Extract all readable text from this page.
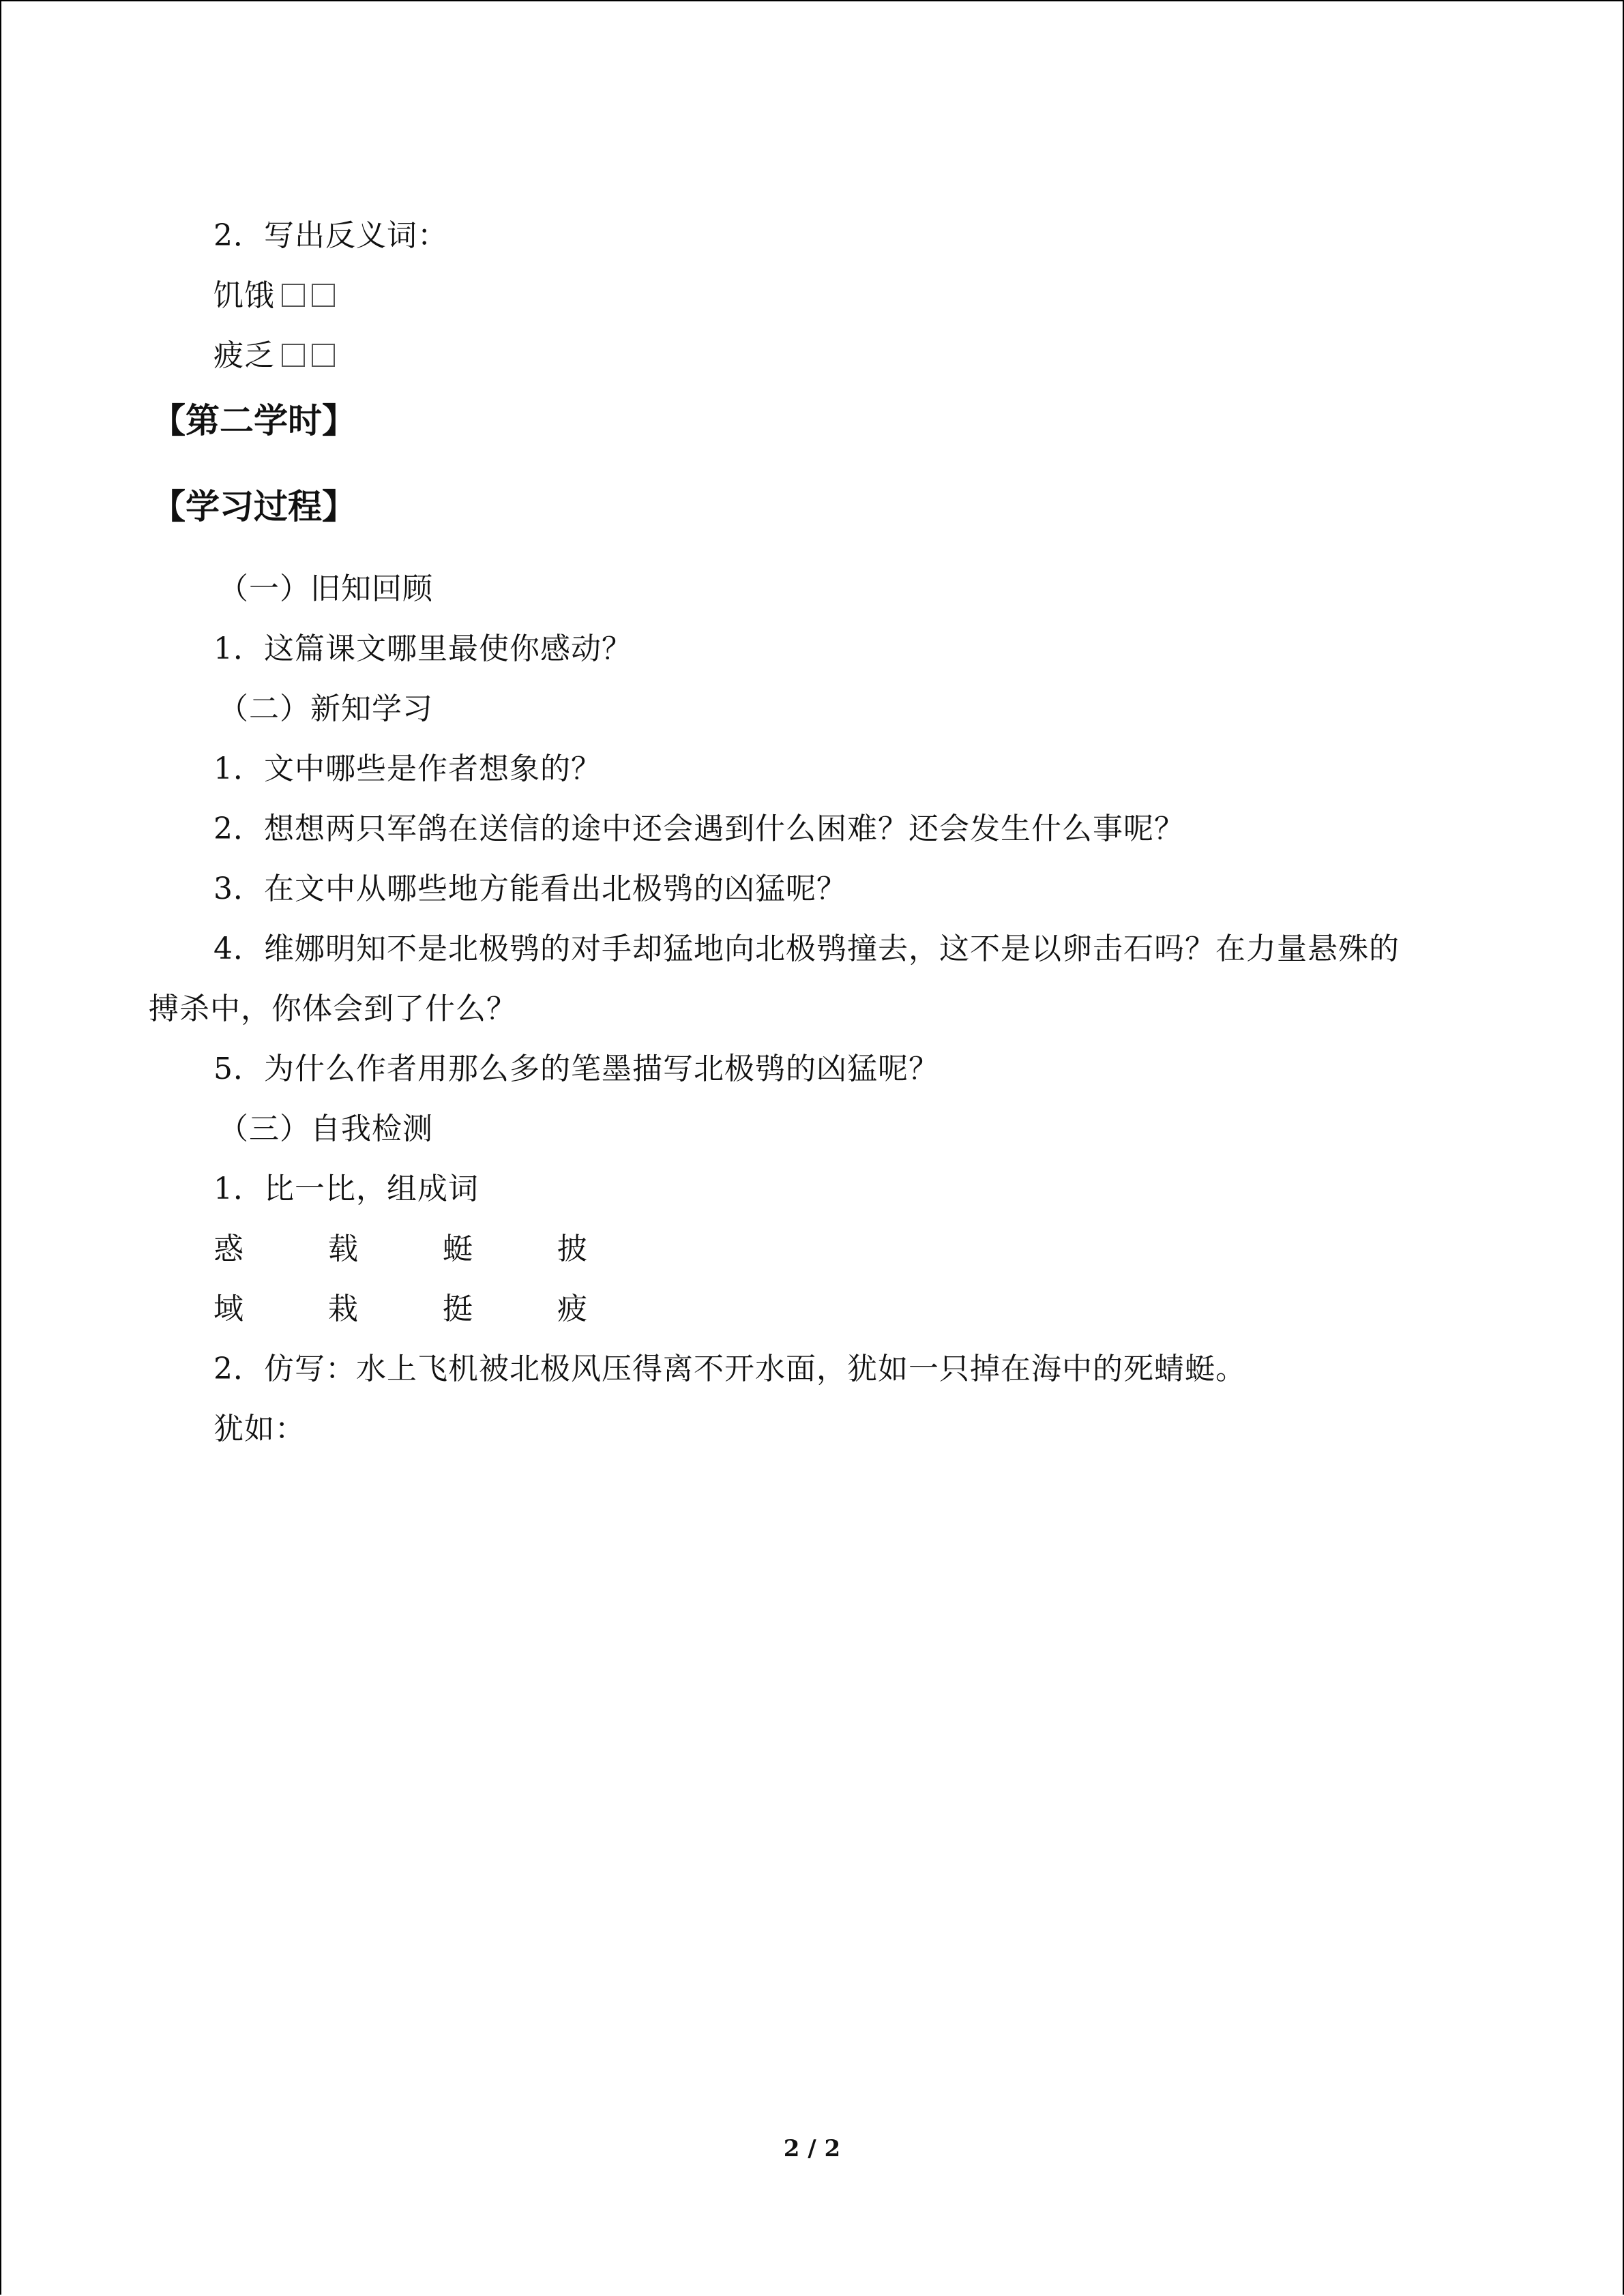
2．写出反义词：
饥饿
疲乏
【第二学时】
【学习过程】
（一）旧知回顾
1．这篇课文哪里最使你感动？
（二）新知学习
1．文中哪些是作者想象的？
2．想想两只军鸽在送信的途中还会遇到什么困难？还会发生什么事呢？
3．在文中从哪些地方能看出北极鸮的凶猛呢？
4．维娜明知不是北极鸮的对手却猛地向北极鸮撞去，这不是以卵击石吗？在力量悬殊的
搏杀中，你体会到了什么？
5．为什么作者用那么多的笔墨描写北极鸮的凶猛呢？
（三）自我检测
1．比一比，组成词
惑	载	蜓	披
域	栽	挺	疲
2．仿写：水上飞机被北极风压得离不开水面，犹如一只掉在海中的死蜻蜓。
犹如：
2 / 2
